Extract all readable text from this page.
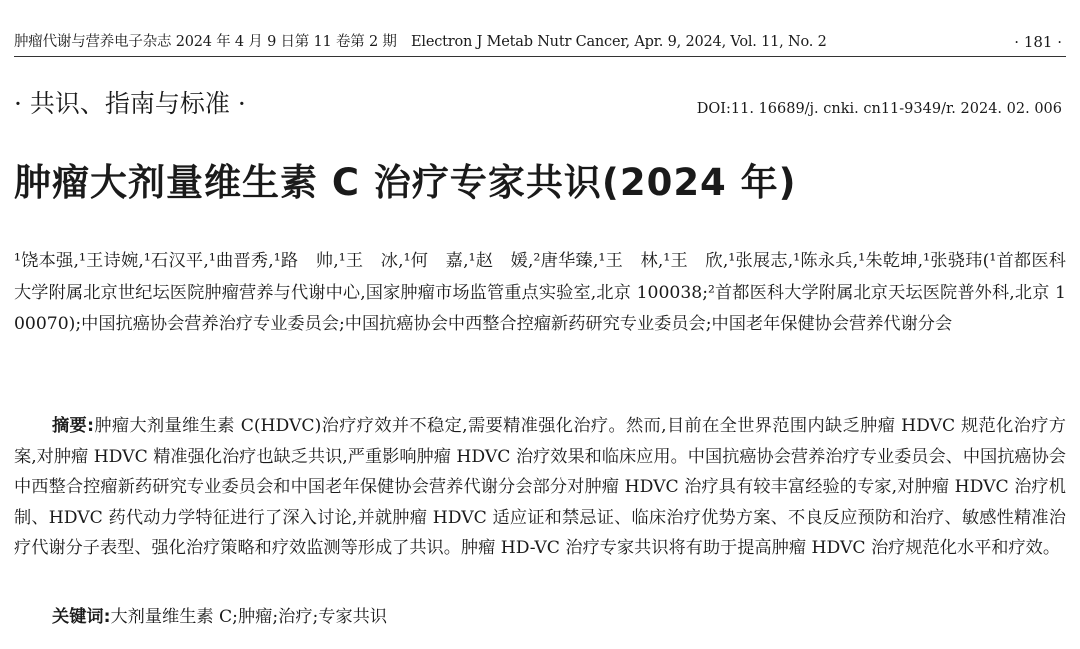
肿瘤代谢与营养电子杂志 2024 年 4 月 9 日第 11 卷第 2 期　Electron J Metab Nutr Cancer, Apr. 9, 2024, Vol. 11, No. 2	· 181 ·
· 共识、指南与标准 ·	DOI:11. 16689/j. cnki. cn11-9349/r. 2024. 02. 006
肿瘤大剂量维生素 C 治疗专家共识(2024 年)
¹饶本强,¹王诗婉,¹石汉平,¹曲晋秀,¹路　帅,¹王　冰,¹何　嘉,¹赵　媛,²唐华臻,¹王　林,¹王　欣,¹张展志,¹陈永兵,¹朱乾坤,¹张骁玮(¹首都医科大学附属北京世纪坛医院肿瘤营养与代谢中心,国家肿瘤市场监管重点实验室,北京 100038;²首都医科大学附属北京天坛医院普外科,北京 100070);中国抗癌协会营养治疗专业委员会;中国抗癌协会中西整合控瘤新药研究专业委员会;中国老年保健协会营养代谢分会
摘要:肿瘤大剂量维生素 C(HDVC)治疗疗效并不稳定,需要精准强化治疗。然而,目前在全世界范围内缺乏肿瘤 HDVC 规范化治疗方案,对肿瘤 HDVC 精准强化治疗也缺乏共识,严重影响肿瘤 HDVC 治疗效果和临床应用。中国抗癌协会营养治疗专业委员会、中国抗癌协会中西整合控瘤新药研究专业委员会和中国老年保健协会营养代谢分会部分对肿瘤 HDVC 治疗具有较丰富经验的专家,对肿瘤 HDVC 治疗机制、HDVC 药代动力学特征进行了深入讨论,并就肿瘤 HDVC 适应证和禁忌证、临床治疗优势方案、不良反应预防和治疗、敏感性精准治疗代谢分子表型、强化治疗策略和疗效监测等形成了共识。肿瘤 HD-VC 治疗专家共识将有助于提高肿瘤 HDVC 治疗规范化水平和疗效。
关键词:大剂量维生素 C;肿瘤;治疗;专家共识
